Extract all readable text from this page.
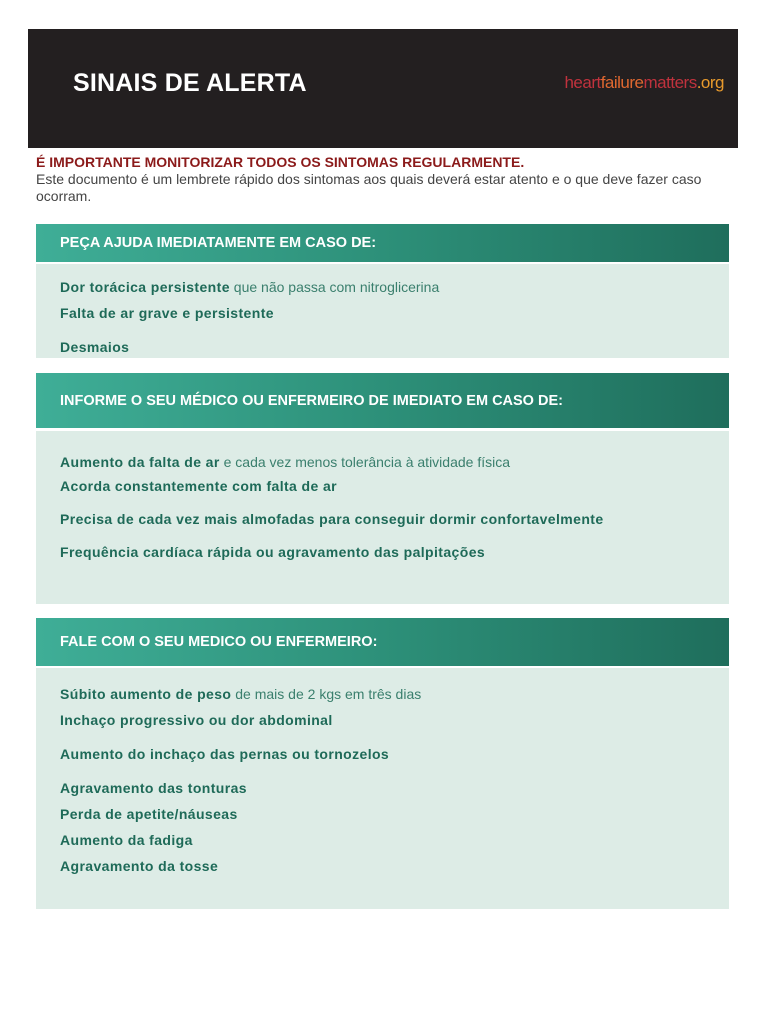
SINAIS DE ALERTA	heartfailurematters.org
É IMPORTANTE MONITORIZAR TODOS OS SINTOMAS REGULARMENTE.
Este documento é um lembrete rápido dos sintomas aos quais deverá estar atento e o que deve fazer caso ocorram.
PEÇA AJUDA IMEDIATAMENTE EM CASO DE:
Dor torácica persistente que não passa com nitroglicerina
Falta de ar grave e persistente
Desmaios
INFORME O SEU MÉDICO OU ENFERMEIRO DE IMEDIATO EM CASO DE:
Aumento da falta de ar e cada vez menos tolerância à atividade física
Acorda constantemente com falta de ar
Precisa de cada vez mais almofadas para conseguir dormir confortavelmente
Frequência cardíaca rápida ou agravamento das palpitações
FALE COM O SEU MEDICO OU ENFERMEIRO:
Súbito aumento de peso de mais de 2 kgs em três dias
Inchaço progressivo ou dor abdominal
Aumento do inchaço das pernas ou tornozelos
Agravamento das tonturas
Perda de apetite/náuseas
Aumento da fadiga
Agravamento da tosse
